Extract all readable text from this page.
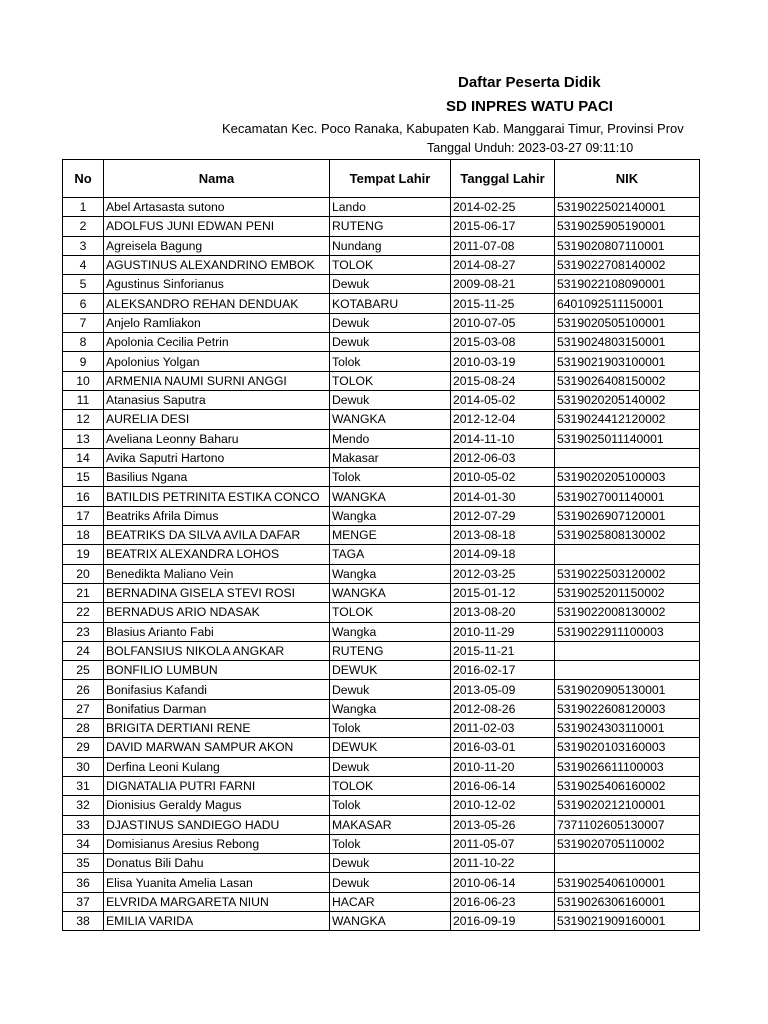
Daftar Peserta Didik
SD INPRES WATU PACI
Kecamatan Kec. Poco Ranaka, Kabupaten Kab. Manggarai Timur, Provinsi Prov
Tanggal Unduh: 2023-03-27 09:11:10
No	Nama	Tempat Lahir	Tanggal Lahir	NIK
1	Abel Artasasta sutono	Lando	2014-02-25	5319022502140001
2	ADOLFUS JUNI EDWAN PENI	RUTENG	2015-06-17	5319025905190001
3	Agreisela Bagung	Nundang	2011-07-08	5319020807110001
4	AGUSTINUS ALEXANDRINO EMBOK	TOLOK	2014-08-27	5319022708140002
5	Agustinus Sinforianus	Dewuk	2009-08-21	5319022108090001
6	ALEKSANDRO REHAN DENDUAK	KOTABARU	2015-11-25	6401092511150001
7	Anjelo Ramliakon	Dewuk	2010-07-05	5319020505100001
8	Apolonia Cecilia Petrin	Dewuk	2015-03-08	5319024803150001
9	Apolonius Yolgan	Tolok	2010-03-19	5319021903100001
10	ARMENIA NAUMI SURNI ANGGI	TOLOK	2015-08-24	5319026408150002
11	Atanasius Saputra	Dewuk	2014-05-02	5319020205140002
12	AURELIA DESI	WANGKA	2012-12-04	5319024412120002
13	Aveliana Leonny Baharu	Mendo	2014-11-10	5319025011140001
14	Avika Saputri Hartono	Makasar	2012-06-03	
15	Basilius Ngana	Tolok	2010-05-02	5319020205100003
16	BATILDIS PETRINITA ESTIKA CONCO	WANGKA	2014-01-30	5319027001140001
17	Beatriks Afrila Dimus	Wangka	2012-07-29	5319026907120001
18	BEATRIKS DA SILVA AVILA DAFAR	MENGE	2013-08-18	5319025808130002
19	BEATRIX ALEXANDRA LOHOS	TAGA	2014-09-18	
20	Benedikta Maliano Vein	Wangka	2012-03-25	5319022503120002
21	BERNADINA GISELA STEVI ROSI	WANGKA	2015-01-12	5319025201150002
22	BERNADUS ARIO NDASAK	TOLOK	2013-08-20	5319022008130002
23	Blasius Arianto Fabi	Wangka	2010-11-29	5319022911100003
24	BOLFANSIUS NIKOLA ANGKAR	RUTENG	2015-11-21	
25	BONFILIO LUMBUN	DEWUK	2016-02-17	
26	Bonifasius Kafandi	Dewuk	2013-05-09	5319020905130001
27	Bonifatius Darman	Wangka	2012-08-26	5319022608120003
28	BRIGITA DERTIANI RENE	Tolok	2011-02-03	5319024303110001
29	DAVID MARWAN SAMPUR AKON	DEWUK	2016-03-01	5319020103160003
30	Derfina Leoni Kulang	Dewuk	2010-11-20	5319026611100003
31	DIGNATALIA PUTRI FARNI	TOLOK	2016-06-14	5319025406160002
32	Dionisius Geraldy Magus	Tolok	2010-12-02	5319020212100001
33	DJASTINUS SANDIEGO HADU	MAKASAR	2013-05-26	7371102605130007
34	Domisianus Aresius Rebong	Tolok	2011-05-07	5319020705110002
35	Donatus Bili Dahu	Dewuk	2011-10-22	
36	Elisa Yuanita Amelia Lasan	Dewuk	2010-06-14	5319025406100001
37	ELVRIDA MARGARETA NIUN	HACAR	2016-06-23	5319026306160001
38	EMILIA VARIDA	WANGKA	2016-09-19	5319021909160001
